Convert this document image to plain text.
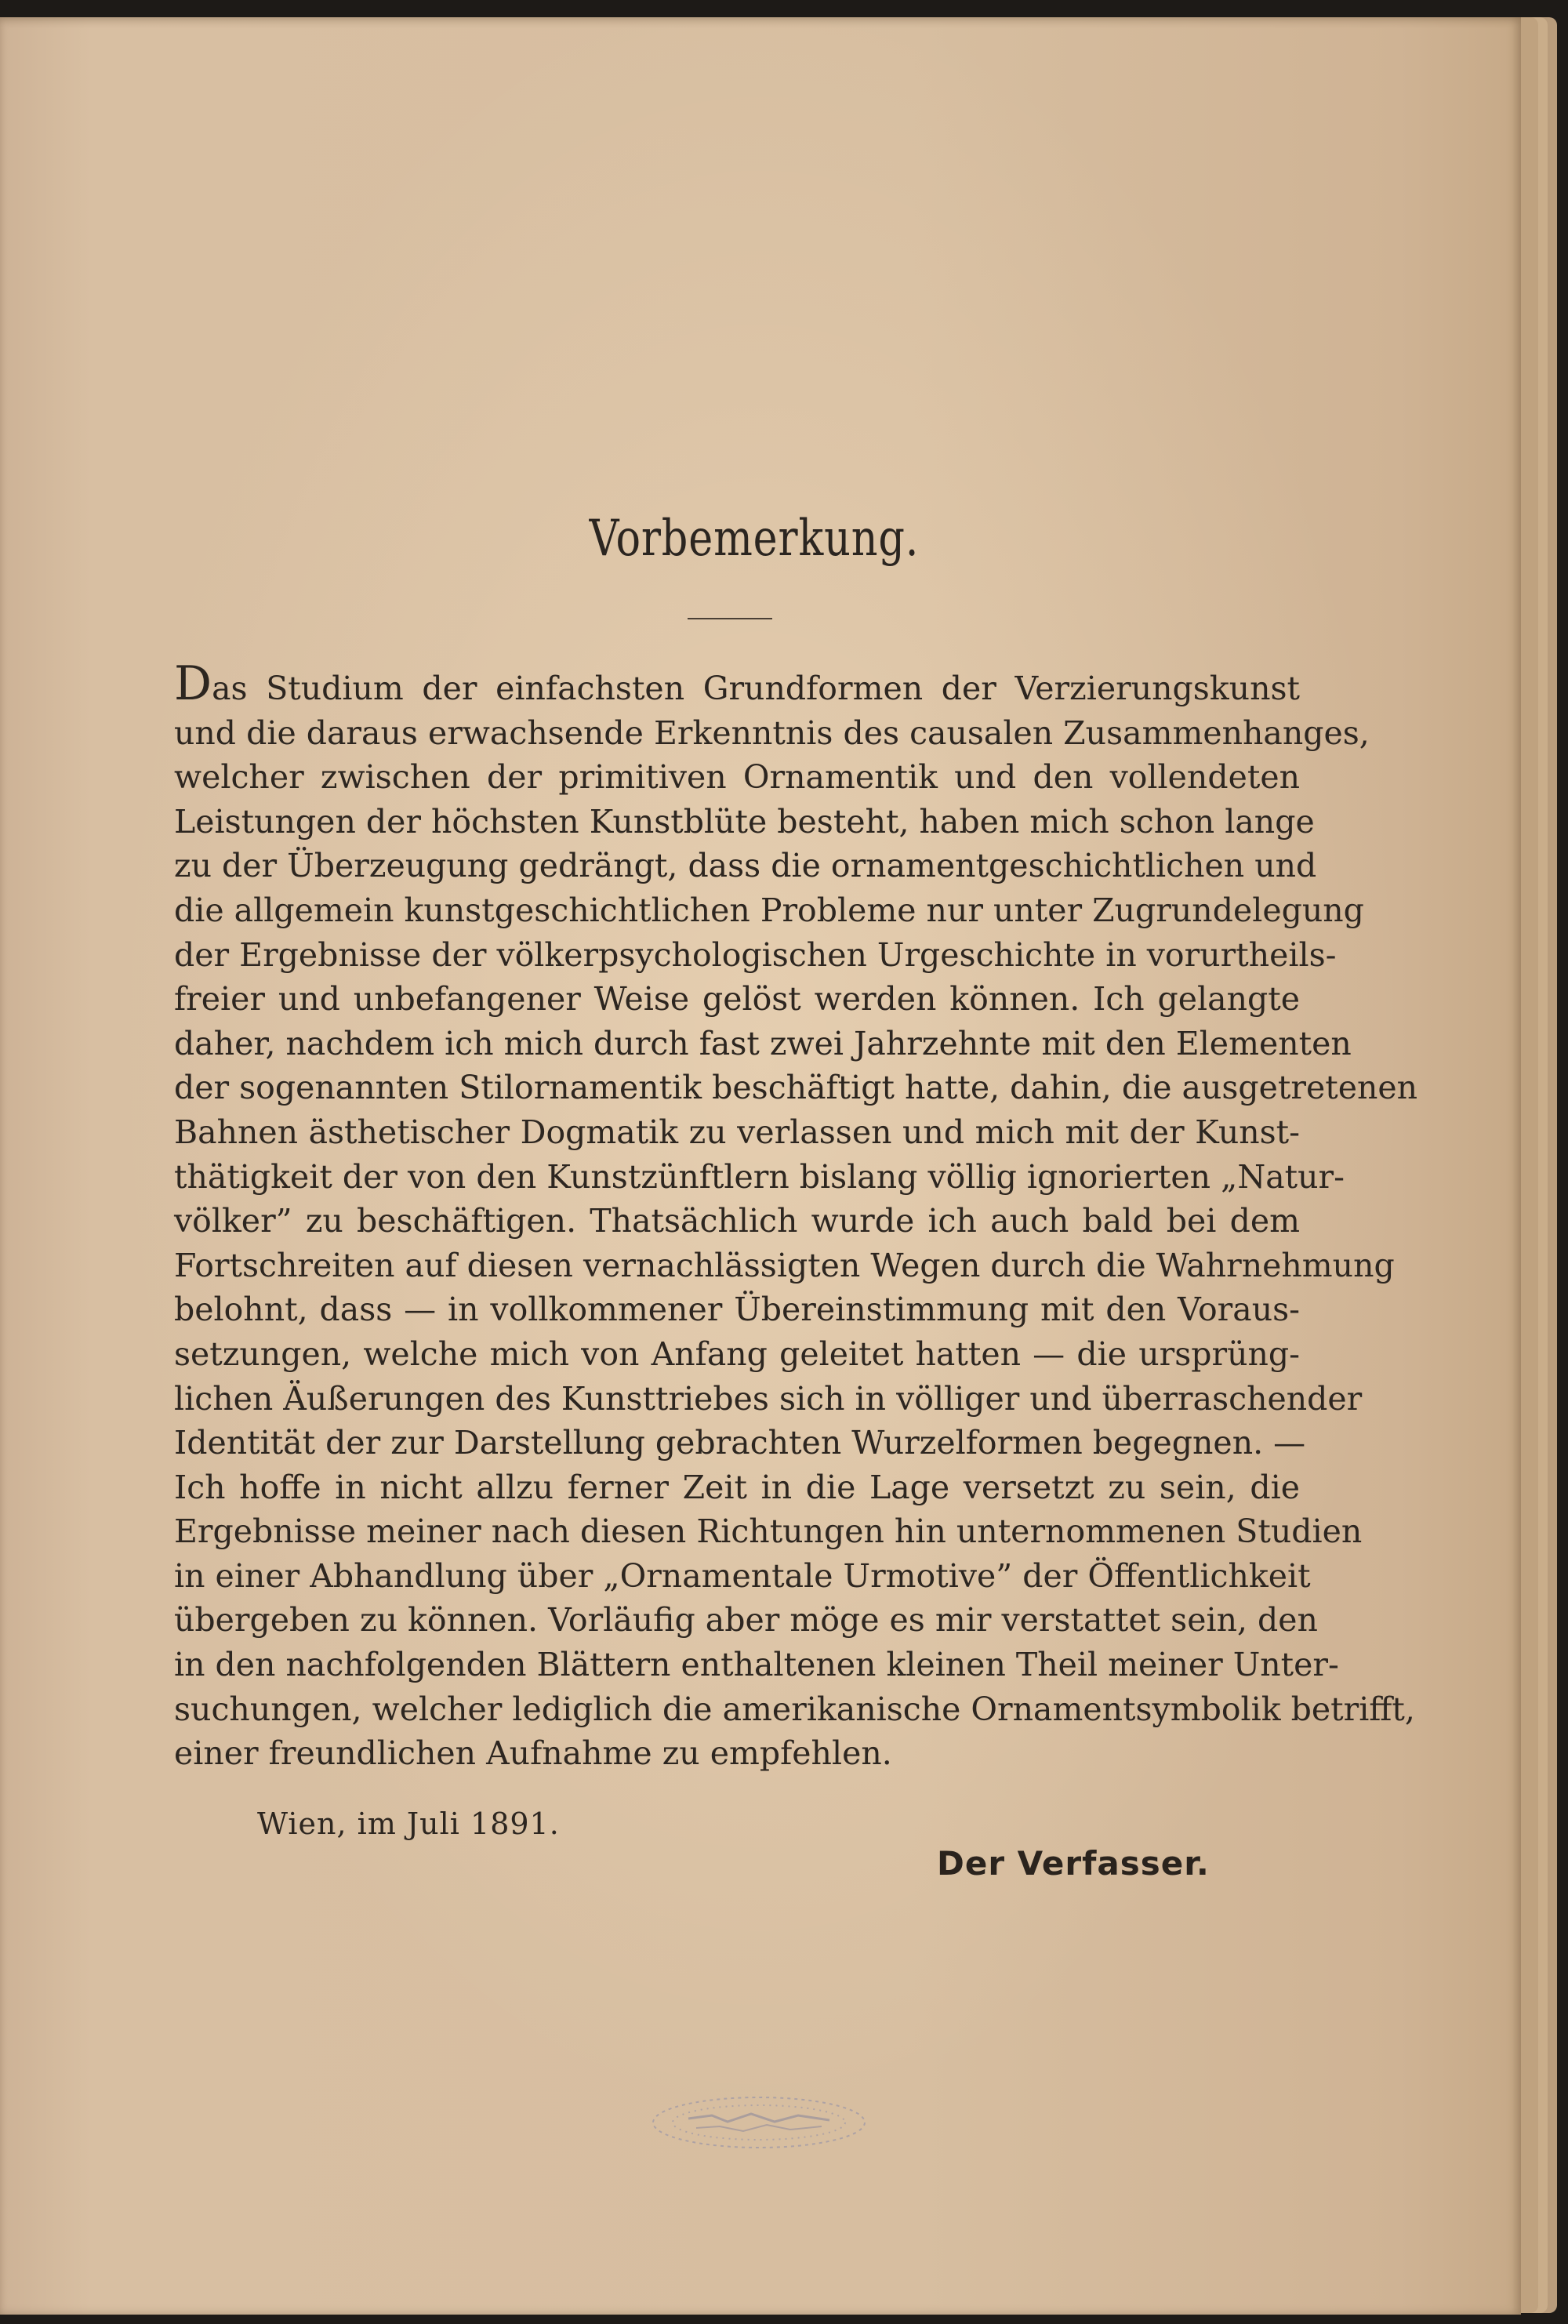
Vorbemerkung.
Das Studium der einfachsten Grundformen der Verzierungskunst
und die daraus erwachsende Erkenntnis des causalen Zusammenhanges,
welcher zwischen der primitiven Ornamentik und den vollendeten
Leistungen der höchsten Kunstblüte besteht, haben mich schon lange
zu der Überzeugung gedrängt, dass die ornamentgeschichtlichen und
die allgemein kunstgeschichtlichen Probleme nur unter Zugrundelegung
der Ergebnisse der völkerpsychologischen Urgeschichte in vorurtheils-
freier und unbefangener Weise gelöst werden können. Ich gelangte
daher, nachdem ich mich durch fast zwei Jahrzehnte mit den Elementen
der sogenannten Stilornamentik beschäftigt hatte, dahin, die ausgetretenen
Bahnen ästhetischer Dogmatik zu verlassen und mich mit der Kunst-
thätigkeit der von den Kunstzünftlern bislang völlig ignorierten „Natur-
völker” zu beschäftigen. Thatsächlich wurde ich auch bald bei dem
Fortschreiten auf diesen vernachlässigten Wegen durch die Wahrnehmung
belohnt, dass — in vollkommener Übereinstimmung mit den Voraus-
setzungen, welche mich von Anfang geleitet hatten — die ursprüng-
lichen Äußerungen des Kunsttriebes sich in völliger und überraschender
Identität der zur Darstellung gebrachten Wurzelformen begegnen. —
Ich hoffe in nicht allzu ferner Zeit in die Lage versetzt zu sein, die
Ergebnisse meiner nach diesen Richtungen hin unternommenen Studien
in einer Abhandlung über „Ornamentale Urmotive” der Öffentlichkeit
übergeben zu können. Vorläufig aber möge es mir verstattet sein, den
in den nachfolgenden Blättern enthaltenen kleinen Theil meiner Unter-
suchungen, welcher lediglich die amerikanische Ornamentsymbolik betrifft,
einer freundlichen Aufnahme zu empfehlen.
Wien, im Juli 1891.
Der Verfasser.
